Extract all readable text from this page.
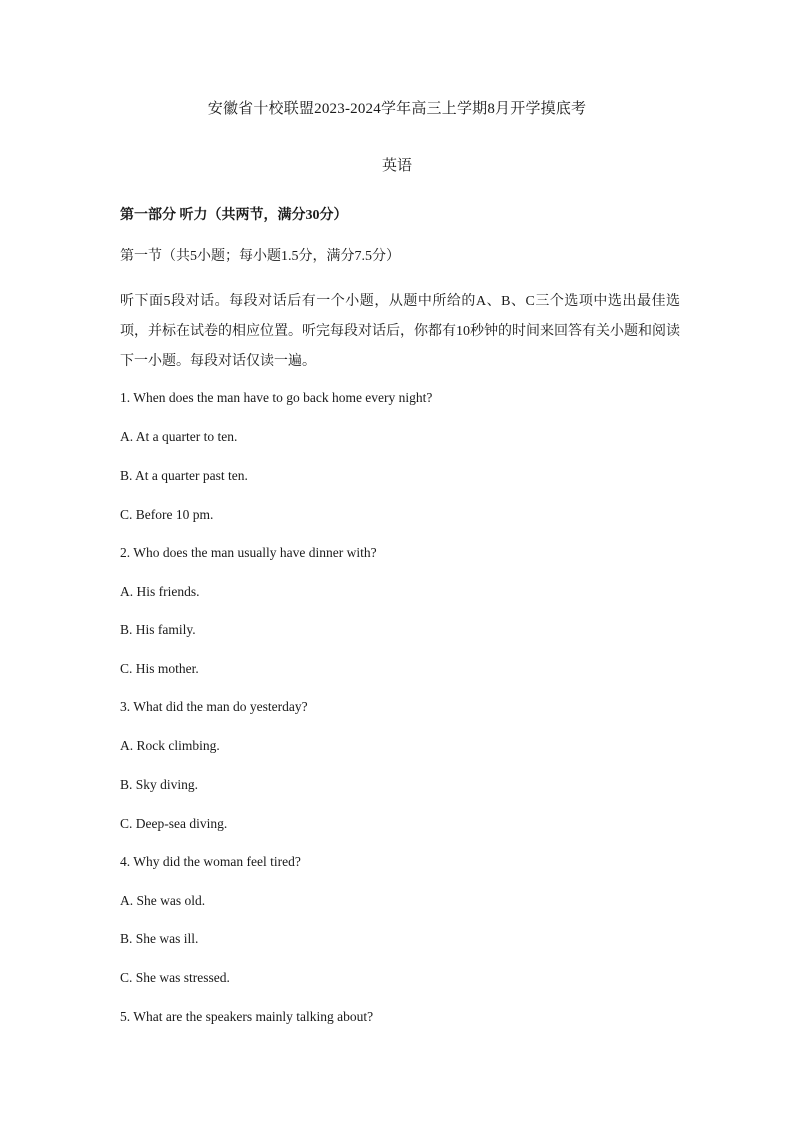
安徽省十校联盟2023-2024学年高三上学期8月开学摸底考
英语
第一部分 听力（共两节，满分30分）
第一节（共5小题；每小题1.5分，满分7.5分）
听下面5段对话。每段对话后有一个小题，从题中所给的A、B、C三个选项中选出最佳选项，并标在试卷的相应位置。听完每段对话后，你都有10秒钟的时间来回答有关小题和阅读下一小题。每段对话仅读一遍。
1. When does the man have to go back home every night?
A. At a quarter to ten.
B. At a quarter past ten.
C. Before 10 pm.
2. Who does the man usually have dinner with?
A. His friends.
B. His family.
C. His mother.
3. What did the man do yesterday?
A. Rock climbing.
B. Sky diving.
C. Deep-sea diving.
4. Why did the woman feel tired?
A. She was old.
B. She was ill.
C. She was stressed.
5. What are the speakers mainly talking about?
